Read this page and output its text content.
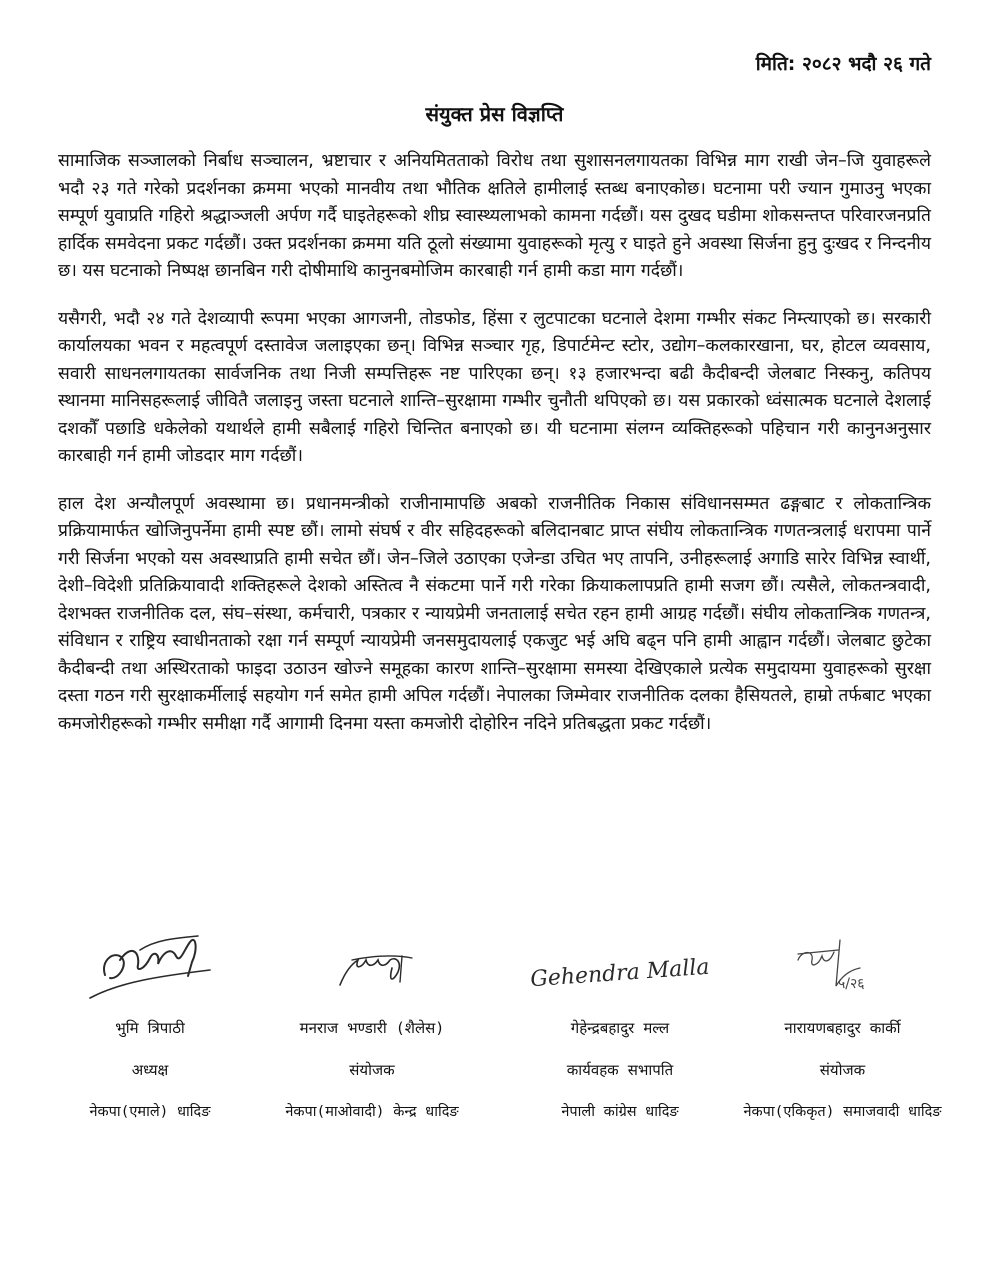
मिति: २०८२ भदौ २६ गते
संयुक्त प्रेस विज्ञप्ति

सामाजिक सञ्जालको निर्बाध सञ्चालन, भ्रष्टाचार र अनियमितताको विरोध तथा सुशासनलगायतका विभिन्न माग राखी जेन–जि युवाहरूले भदौ २३ गते गरेको प्रदर्शनका क्रममा भएको मानवीय तथा भौतिक क्षतिले हामीलाई स्तब्ध बनाएकोछ। घटनामा परी ज्यान गुमाउनु भएका सम्पूर्ण युवाप्रति गहिरो श्रद्धाञ्जली अर्पण गर्दै घाइतेहरूको शीघ्र स्वास्थ्यलाभको कामना गर्दछौं। यस दुखद घडीमा शोकसन्तप्त परिवारजनप्रति हार्दिक समवेदना प्रकट गर्दछौं। उक्त प्रदर्शनका क्रममा यति ठूलो संख्यामा युवाहरूको मृत्यु र घाइते हुने अवस्था सिर्जना हुनु दुःखद र निन्दनीय छ। यस घटनाको निष्पक्ष छानबिन गरी दोषीमाथि कानुनबमोजिम कारबाही गर्न हामी कडा माग गर्दछौं।

यसैगरी, भदौ २४ गते देशव्यापी रूपमा भएका आगजनी, तोडफोड, हिंसा र लुटपाटका घटनाले देशमा गम्भीर संकट निम्त्याएको छ। सरकारी कार्यालयका भवन र महत्वपूर्ण दस्तावेज जलाइएका छन्। विभिन्न सञ्चार गृह, डिपार्टमेन्ट स्टोर, उद्योग–कलकारखाना, घर, होटल व्यवसाय, सवारी साधनलगायतका सार्वजनिक तथा निजी सम्पत्तिहरू नष्ट पारिएका छन्। १३ हजारभन्दा बढी कैदीबन्दी जेलबाट निस्कनु, कतिपय स्थानमा मानिसहरूलाई जीवितै जलाइनु जस्ता घटनाले शान्ति–सुरक्षामा गम्भीर चुनौती थपिएको छ। यस प्रकारको ध्वंसात्मक घटनाले देशलाई दशकौँ पछाडि धकेलेको यथार्थले हामी सबैलाई गहिरो चिन्तित बनाएको छ। यी घटनामा संलग्न व्यक्तिहरूको पहिचान गरी कानुनअनुसार कारबाही गर्न हामी जोडदार माग गर्दछौं।

हाल देश अन्यौलपूर्ण अवस्थामा छ। प्रधानमन्त्रीको राजीनामापछि अबको राजनीतिक निकास संविधानसम्मत ढङ्गबाट र लोकतान्त्रिक प्रक्रियामार्फत खोजिनुपर्नेमा हामी स्पष्ट छौं। लामो संघर्ष र वीर सहिदहरूको बलिदानबाट प्राप्त संघीय लोकतान्त्रिक गणतन्त्रलाई धरापमा पार्ने गरी सिर्जना भएको यस अवस्थाप्रति हामी सचेत छौं। जेन–जिले उठाएका एजेन्डा उचित भए तापनि, उनीहरूलाई अगाडि सारेर विभिन्न स्वार्थी, देशी–विदेशी प्रतिक्रियावादी शक्तिहरूले देशको अस्तित्व नै संकटमा पार्ने गरी गरेका क्रियाकलापप्रति हामी सजग छौं। त्यसैले, लोकतन्त्रवादी, देशभक्त राजनीतिक दल, संघ–संस्था, कर्मचारी, पत्रकार र न्यायप्रेमी जनतालाई सचेत रहन हामी आग्रह गर्दछौं। संघीय लोकतान्त्रिक गणतन्त्र, संविधान र राष्ट्रिय स्वाधीनताको रक्षा गर्न सम्पूर्ण न्यायप्रेमी जनसमुदायलाई एकजुट भई अघि बढ्न पनि हामी आह्वान गर्दछौं। जेलबाट छुटेका कैदीबन्दी तथा अस्थिरताको फाइदा उठाउन खोज्ने समूहका कारण शान्ति–सुरक्षामा समस्या देखिएकाले प्रत्येक समुदायमा युवाहरूको सुरक्षा दस्ता गठन गरी सुरक्षाकर्मीलाई सहयोग गर्न समेत हामी अपिल गर्दछौं। नेपालका जिम्मेवार राजनीतिक दलका हैसियतले, हाम्रो तर्फबाट भएका कमजोरीहरूको गम्भीर समीक्षा गर्दै आगामी दिनमा यस्ता कमजोरी दोहोरिन नदिने प्रतिबद्धता प्रकट गर्दछौं।

भुमि त्रिपाठी
अध्यक्ष
नेकपा(एमाले) धादिङ
मनराज भण्डारी (शैलेस)
संयोजक
नेकपा(माओवादी) केन्द्र धादिङ
Gehendra Malla
गेहेन्द्रबहादुर मल्ल
कार्यवहक सभापति
नेपाली कांग्रेस धादिङ
५/२६
नारायणबहादुर कार्की
संयोजक
नेकपा(एकिकृत) समाजवादी धादिङ
